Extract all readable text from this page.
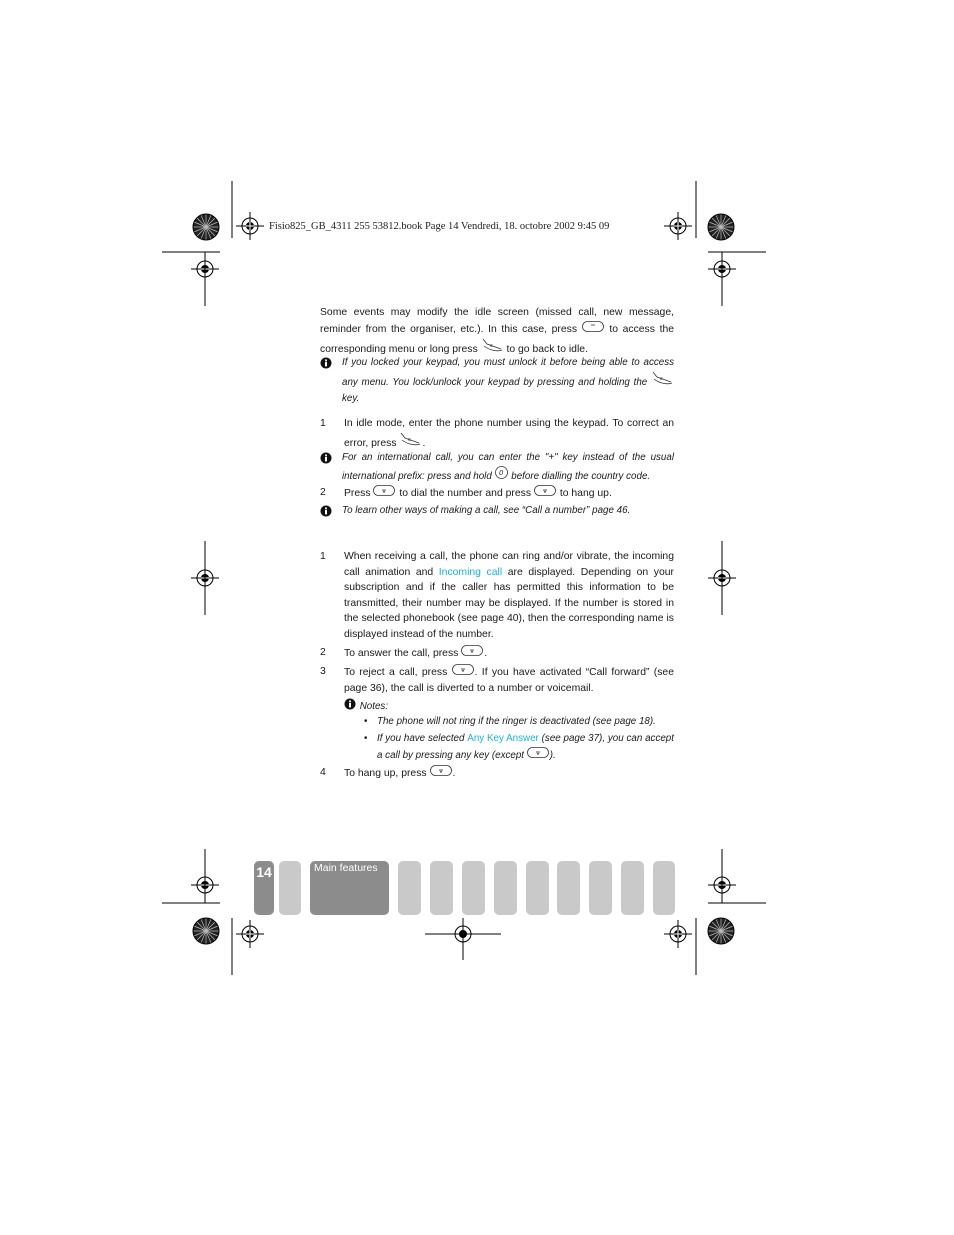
Fisio825_GB_4311 255 53812.book Page 14 Vendredi, 18. octobre 2002 9:45 09
Some events may modify the idle screen (missed call, new message, reminder from the organiser, etc.). In this case, press	to access the corresponding menu or long press	to go back to idle.
If you locked your keypad, you must unlock it before being able to access any menu. You lock/unlock your keypad by pressing and holding the  key.
1 In idle mode, enter the phone number using the keypad. To correct an error, press .
For an international call, you can enter the "+" key instead of the usual international prefix: press and hold before dialling the country code.
2 Press	to dial the number and press	to hang up.
To learn other ways of making a call, see “Call a number” page 46.
1 When receiving a call, the phone can ring and/or vibrate, the incoming call animation and Incoming call are displayed. Depending on your subscription and if the caller has permitted this information to be transmitted, their number may be displayed. If the number is stored in the selected phonebook (see page 40), then the corresponding name is displayed instead of the number.
2 To answer the call, press .
3 To reject a call, press	. If you have activated “Call forward” (see page 36), the call is diverted to a number or voicemail.
Notes:
• The phone will not ring if the ringer is deactivated (see page 18).
• If you have selected Any Key Answer (see page 37), you can accept a call by pressing any key (except	).
4 To hang up, press .
14	Main features
